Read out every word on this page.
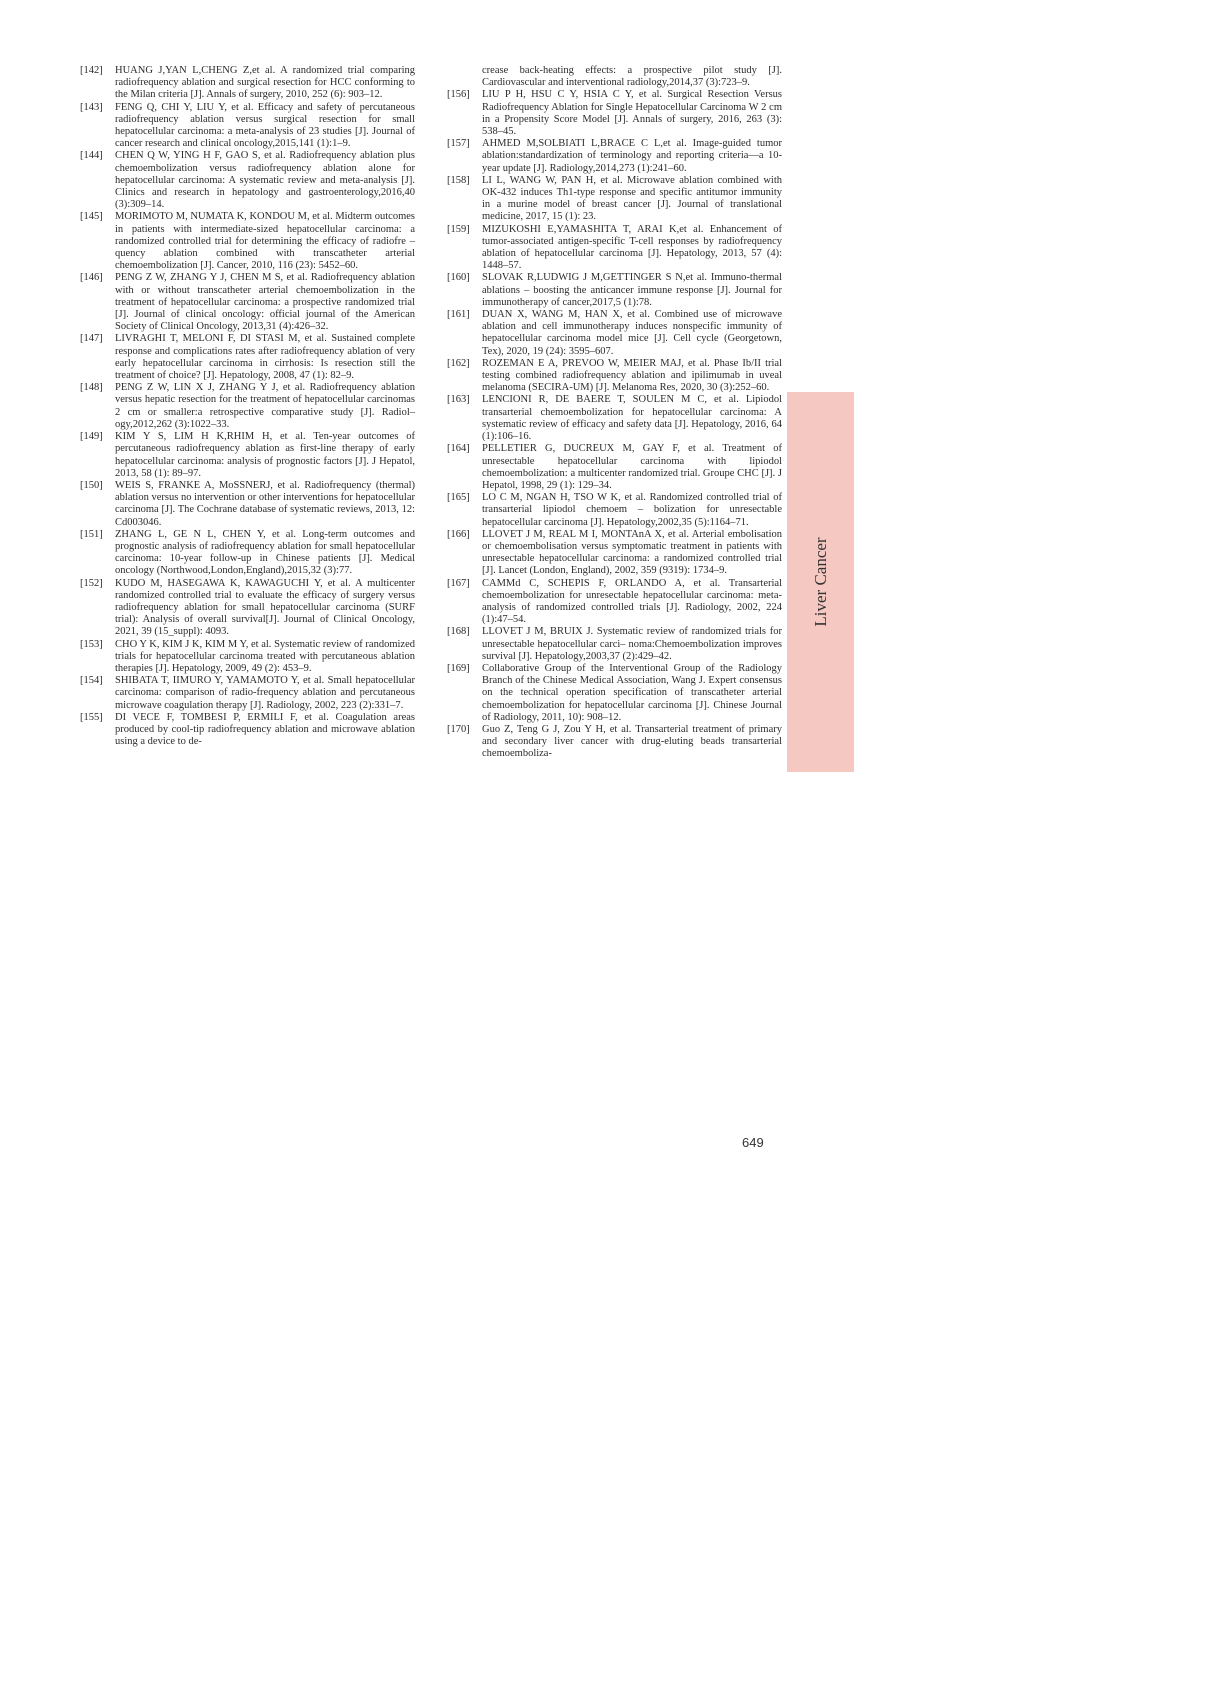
[142] HUANG J,YAN L,CHENG Z,et al. A randomized trial comparing radiofrequency ablation and surgical resection for HCC conforming to the Milan criteria [J]. Annals of surgery, 2010, 252 (6): 903–12.

[143] FENG Q, CHI Y, LIU Y, et al. Efficacy and safety of percutaneous radiofrequency ablation versus surgical resection for small hepatocellular carcinoma: a meta-analysis of 23 studies [J]. Journal of cancer research and clinical oncology,2015,141 (1):1–9.

[144] CHEN Q W, YING H F, GAO S, et al. Radiofrequency ablation plus chemoembolization versus radiofrequency ablation alone for hepatocellular carcinoma: A systematic review and meta-analysis [J]. Clinics and research in hepatology and gastroenterology,2016,40 (3):309–14.

[145] MORIMOTO M, NUMATA K, KONDOU M, et al. Midterm outcomes in patients with intermediate-sized hepatocellular carcinoma: a randomized controlled trial for determining the efficacy of radiofre – quency ablation combined with transcatheter arterial chemoembolization [J]. Cancer, 2010, 116 (23): 5452–60.

[146] PENG Z W, ZHANG Y J, CHEN M S, et al. Radiofrequency ablation with or without transcatheter arterial chemoembolization in the treatment of hepatocellular carcinoma: a prospective randomized trial [J]. Journal of clinical oncology: official journal of the American Society of Clinical Oncology, 2013,31 (4):426–32.

[147] LIVRAGHI T, MELONI F, DI STASI M, et al. Sustained complete response and complications rates after radiofrequency ablation of very early hepatocellular carcinoma in cirrhosis: Is resection still the treatment of choice? [J]. Hepatology, 2008, 47 (1): 82–9.

[148] PENG Z W, LIN X J, ZHANG Y J, et al. Radiofrequency ablation versus hepatic resection for the treatment of hepatocellular carcinomas 2 cm or smaller:a retrospective comparative study [J]. Radiol– ogy,2012,262 (3):1022–33.

[149] KIM Y S, LIM H K,RHIM H, et al. Ten-year outcomes of percutaneous radiofrequency ablation as first-line therapy of early hepatocellular carcinoma: analysis of prognostic factors [J]. J Hepatol, 2013, 58 (1): 89–97.

[150] WEIS S, FRANKE A, MoSSNERJ, et al. Radiofrequency (thermal) ablation versus no intervention or other interventions for hepatocellular carcinoma [J]. The Cochrane database of systematic reviews, 2013, 12: Cd003046.

[151] ZHANG L, GE N L, CHEN Y, et al. Long-term outcomes and prognostic analysis of radiofrequency ablation for small hepatocellular carcinoma: 10-year follow-up in Chinese patients [J]. Medical oncology (Northwood,London,England),2015,32 (3):77.

[152] KUDO M, HASEGAWA K, KAWAGUCHI Y, et al. A multicenter randomized controlled trial to evaluate the efficacy of surgery versus radiofrequency ablation for small hepatocellular carcinoma (SURF trial): Analysis of overall survival[J]. Journal of Clinical Oncology, 2021, 39 (15_suppl): 4093.

[153] CHO Y K, KIM J K, KIM M Y, et al. Systematic review of randomized trials for hepatocellular carcinoma treated with percutaneous ablation therapies [J]. Hepatology, 2009, 49 (2): 453–9.

[154] SHIBATA T, IIMURO Y, YAMAMOTO Y, et al. Small hepatocellular carcinoma: comparison of radio-frequency ablation and percutaneous microwave coagulation therapy [J]. Radiology, 2002, 223 (2):331–7.

[155] DI VECE F, TOMBESI P, ERMILI F, et al. Coagulation areas produced by cool-tip radiofrequency ablation and microwave ablation using a device to de-

crease back-heating effects: a prospective pilot study [J]. Cardiovascular and interventional radiology,2014,37 (3):723–9.

[156] LIU P H, HSU C Y, HSIA C Y, et al. Surgical Resection Versus Radiofrequency Ablation for Single Hepatocellular Carcinoma W 2 cm in a Propensity Score Model [J]. Annals of surgery, 2016, 263 (3): 538–45.

[157] AHMED M,SOLBIATI L,BRACE C L,et al. Image-guided tumor ablation:standardization of terminology and reporting criteria––a 10-year update [J]. Radiology,2014,273 (1):241–60.

[158] LI L, WANG W, PAN H, et al. Microwave ablation combined with OK-432 induces Th1-type response and specific antitumor immunity in a murine model of breast cancer [J]. Journal of translational medicine, 2017, 15 (1): 23.

[159] MIZUKOSHI E,YAMASHITA T, ARAI K,et al. Enhancement of tumor-associated antigen-specific T-cell responses by radiofrequency ablation of hepatocellular carcinoma [J]. Hepatology, 2013, 57 (4): 1448–57.

[160] SLOVAK R,LUDWIG J M,GETTINGER S N,et al. Immuno-thermal ablations – boosting the anticancer immune response [J]. Journal for immunotherapy of cancer,2017,5 (1):78.

[161] DUAN X, WANG M, HAN X, et al. Combined use of microwave ablation and cell immunotherapy induces nonspecific immunity of hepatocellular carcinoma model mice [J]. Cell cycle (Georgetown, Tex), 2020, 19 (24): 3595–607.

[162] ROZEMAN E A, PREVOO W, MEIER MAJ, et al. Phase Ib/II trial testing combined radiofrequency ablation and ipilimumab in uveal melanoma (SECIRA-UM) [J]. Melanoma Res, 2020, 30 (3):252–60.

[163] LENCIONI R, DE BAERE T, SOULEN M C, et al. Lipiodol transarterial chemoembolization for hepatocellular carcinoma: A systematic review of efficacy and safety data [J]. Hepatology, 2016, 64 (1):106–16.

[164] PELLETIER G, DUCREUX M, GAY F, et al. Treatment of unresectable hepatocellular carcinoma with lipiodol chemoembolization: a multicenter randomized trial. Groupe CHC [J]. J Hepatol, 1998, 29 (1): 129–34.

[165] LO C M, NGAN H, TSO W K, et al. Randomized controlled trial of transarterial lipiodol chemoem – bolization for unresectable hepatocellular carcinoma [J]. Hepatology,2002,35 (5):1164–71.

[166] LLOVET J M, REAL M I, MONTAnA X, et al. Arterial embolisation or chemoembolisation versus symptomatic treatment in patients with unresectable hepatocellular carcinoma: a randomized controlled trial [J]. Lancet (London, England), 2002, 359 (9319): 1734–9.

[167] CAMMd C, SCHEPIS F, ORLANDO A, et al. Transarterial chemoembolization for unresectable hepatocellular carcinoma: meta-analysis of randomized controlled trials [J]. Radiology, 2002, 224 (1):47–54.

[168] LLOVET J M, BRUIX J. Systematic review of randomized trials for unresectable hepatocellular carci– noma:Chemoembolization improves survival [J]. Hepatology,2003,37 (2):429–42.

[169] Collaborative Group of the Interventional Group of the Radiology Branch of the Chinese Medical Association, Wang J. Expert consensus on the technical operation specification of transcatheter arterial chemoembolization for hepatocellular carcinoma [J]. Chinese Journal of Radiology, 2011, 10): 908–12.

[170] Guo Z, Teng G J, Zou Y H, et al. Transarterial treatment of primary and secondary liver cancer with drug-eluting beads transarterial chemoemboliza-

Liver Cancer
649
